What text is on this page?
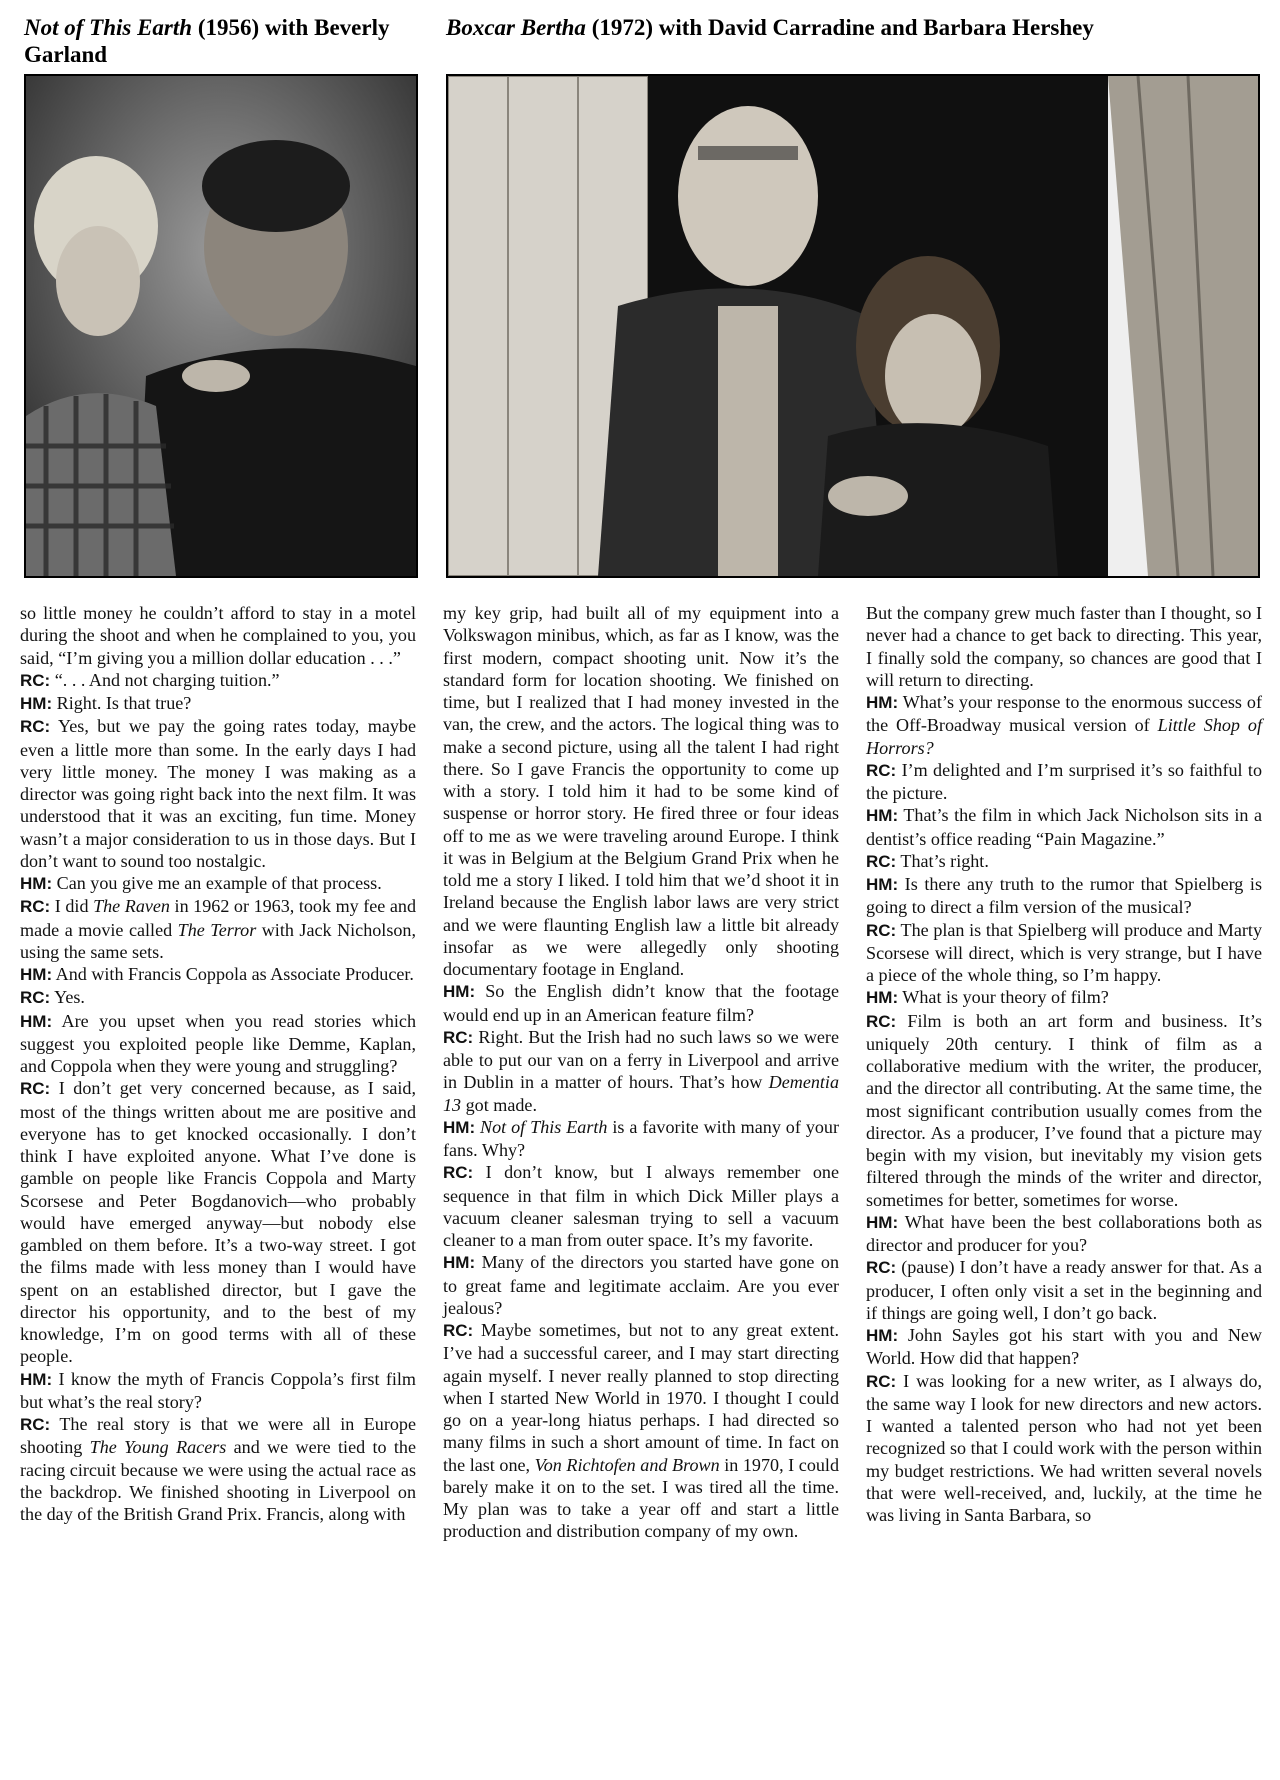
Not of This Earth (1956) with Beverly Garland
Boxcar Bertha (1972) with David Carradine and Barbara Hershey

so little money he couldn’t afford to stay in a motel during the shoot and when he complained to you, you said, “I’m giving you a million dollar education . . .”

RC: “. . . And not charging tuition.”

HM: Right. Is that true?

RC: Yes, but we pay the going rates today, maybe even a little more than some. In the early days I had very little money. The money I was making as a director was going right back into the next film. It was understood that it was an exciting, fun time. Money wasn’t a major consideration to us in those days. But I don’t want to sound too nostalgic.

HM: Can you give me an example of that process.

RC: I did The Raven in 1962 or 1963, took my fee and made a movie called The Terror with Jack Nicholson, using the same sets.

HM: And with Francis Coppola as Associate Producer.

RC: Yes.

HM: Are you upset when you read stories which suggest you exploited people like Demme, Kaplan, and Coppola when they were young and struggling?

RC: I don’t get very concerned because, as I said, most of the things written about me are positive and everyone has to get knocked occasionally. I don’t think I have exploited anyone. What I’ve done is gamble on people like Francis Coppola and Marty Scorsese and Peter Bogdanovich—who probably would have emerged anyway—but nobody else gambled on them before. It’s a two-way street. I got the films made with less money than I would have spent on an established director, but I gave the director his opportunity, and to the best of my knowledge, I’m on good terms with all of these people.

HM: I know the myth of Francis Coppola’s first film but what’s the real story?

RC: The real story is that we were all in Europe shooting The Young Racers and we were tied to the racing circuit because we were using the actual race as the backdrop. We finished shooting in Liverpool on the day of the British Grand Prix. Francis, along with

my key grip, had built all of my equipment into a Volkswagon minibus, which, as far as I know, was the first modern, compact shooting unit. Now it’s the standard form for location shooting. We finished on time, but I realized that I had money invested in the van, the crew, and the actors. The logical thing was to make a second picture, using all the talent I had right there. So I gave Francis the opportunity to come up with a story. I told him it had to be some kind of suspense or horror story. He fired three or four ideas off to me as we were traveling around Europe. I think it was in Belgium at the Belgium Grand Prix when he told me a story I liked. I told him that we’d shoot it in Ireland because the English labor laws are very strict and we were flaunting English law a little bit already insofar as we were allegedly only shooting documentary footage in England.

HM: So the English didn’t know that the footage would end up in an American feature film?

RC: Right. But the Irish had no such laws so we were able to put our van on a ferry in Liverpool and arrive in Dublin in a matter of hours. That’s how Dementia 13 got made.

HM: Not of This Earth is a favorite with many of your fans. Why?

RC: I don’t know, but I always remember one sequence in that film in which Dick Miller plays a vacuum cleaner salesman trying to sell a vacuum cleaner to a man from outer space. It’s my favorite.

HM: Many of the directors you started have gone on to great fame and legitimate acclaim. Are you ever jealous?

RC: Maybe sometimes, but not to any great extent. I’ve had a successful career, and I may start directing again myself. I never really planned to stop directing when I started New World in 1970. I thought I could go on a year-long hiatus perhaps. I had directed so many films in such a short amount of time. In fact on the last one, Von Richtofen and Brown in 1970, I could barely make it on to the set. I was tired all the time. My plan was to take a year off and start a little production and distribution company of my own.

But the company grew much faster than I thought, so I never had a chance to get back to directing. This year, I finally sold the company, so chances are good that I will return to directing.

HM: What’s your response to the enormous success of the Off-Broadway musical version of Little Shop of Horrors?

RC: I’m delighted and I’m surprised it’s so faithful to the picture.

HM: That’s the film in which Jack Nicholson sits in a dentist’s office reading “Pain Magazine.”

RC: That’s right.

HM: Is there any truth to the rumor that Spielberg is going to direct a film version of the musical?

RC: The plan is that Spielberg will produce and Marty Scorsese will direct, which is very strange, but I have a piece of the whole thing, so I’m happy.

HM: What is your theory of film?

RC: Film is both an art form and business. It’s uniquely 20th century. I think of film as a collaborative medium with the writer, the producer, and the director all contributing. At the same time, the most significant contribution usually comes from the director. As a producer, I’ve found that a picture may begin with my vision, but inevitably my vision gets filtered through the minds of the writer and director, sometimes for better, sometimes for worse.

HM: What have been the best collaborations both as director and producer for you?

RC: (pause) I don’t have a ready answer for that. As a producer, I often only visit a set in the beginning and if things are going well, I don’t go back.

HM: John Sayles got his start with you and New World. How did that happen?

RC: I was looking for a new writer, as I always do, the same way I look for new directors and new actors. I wanted a talented person who had not yet been recognized so that I could work with the person within my budget restrictions. We had written several novels that were well-received, and, luckily, at the time he was living in Santa Barbara, so
